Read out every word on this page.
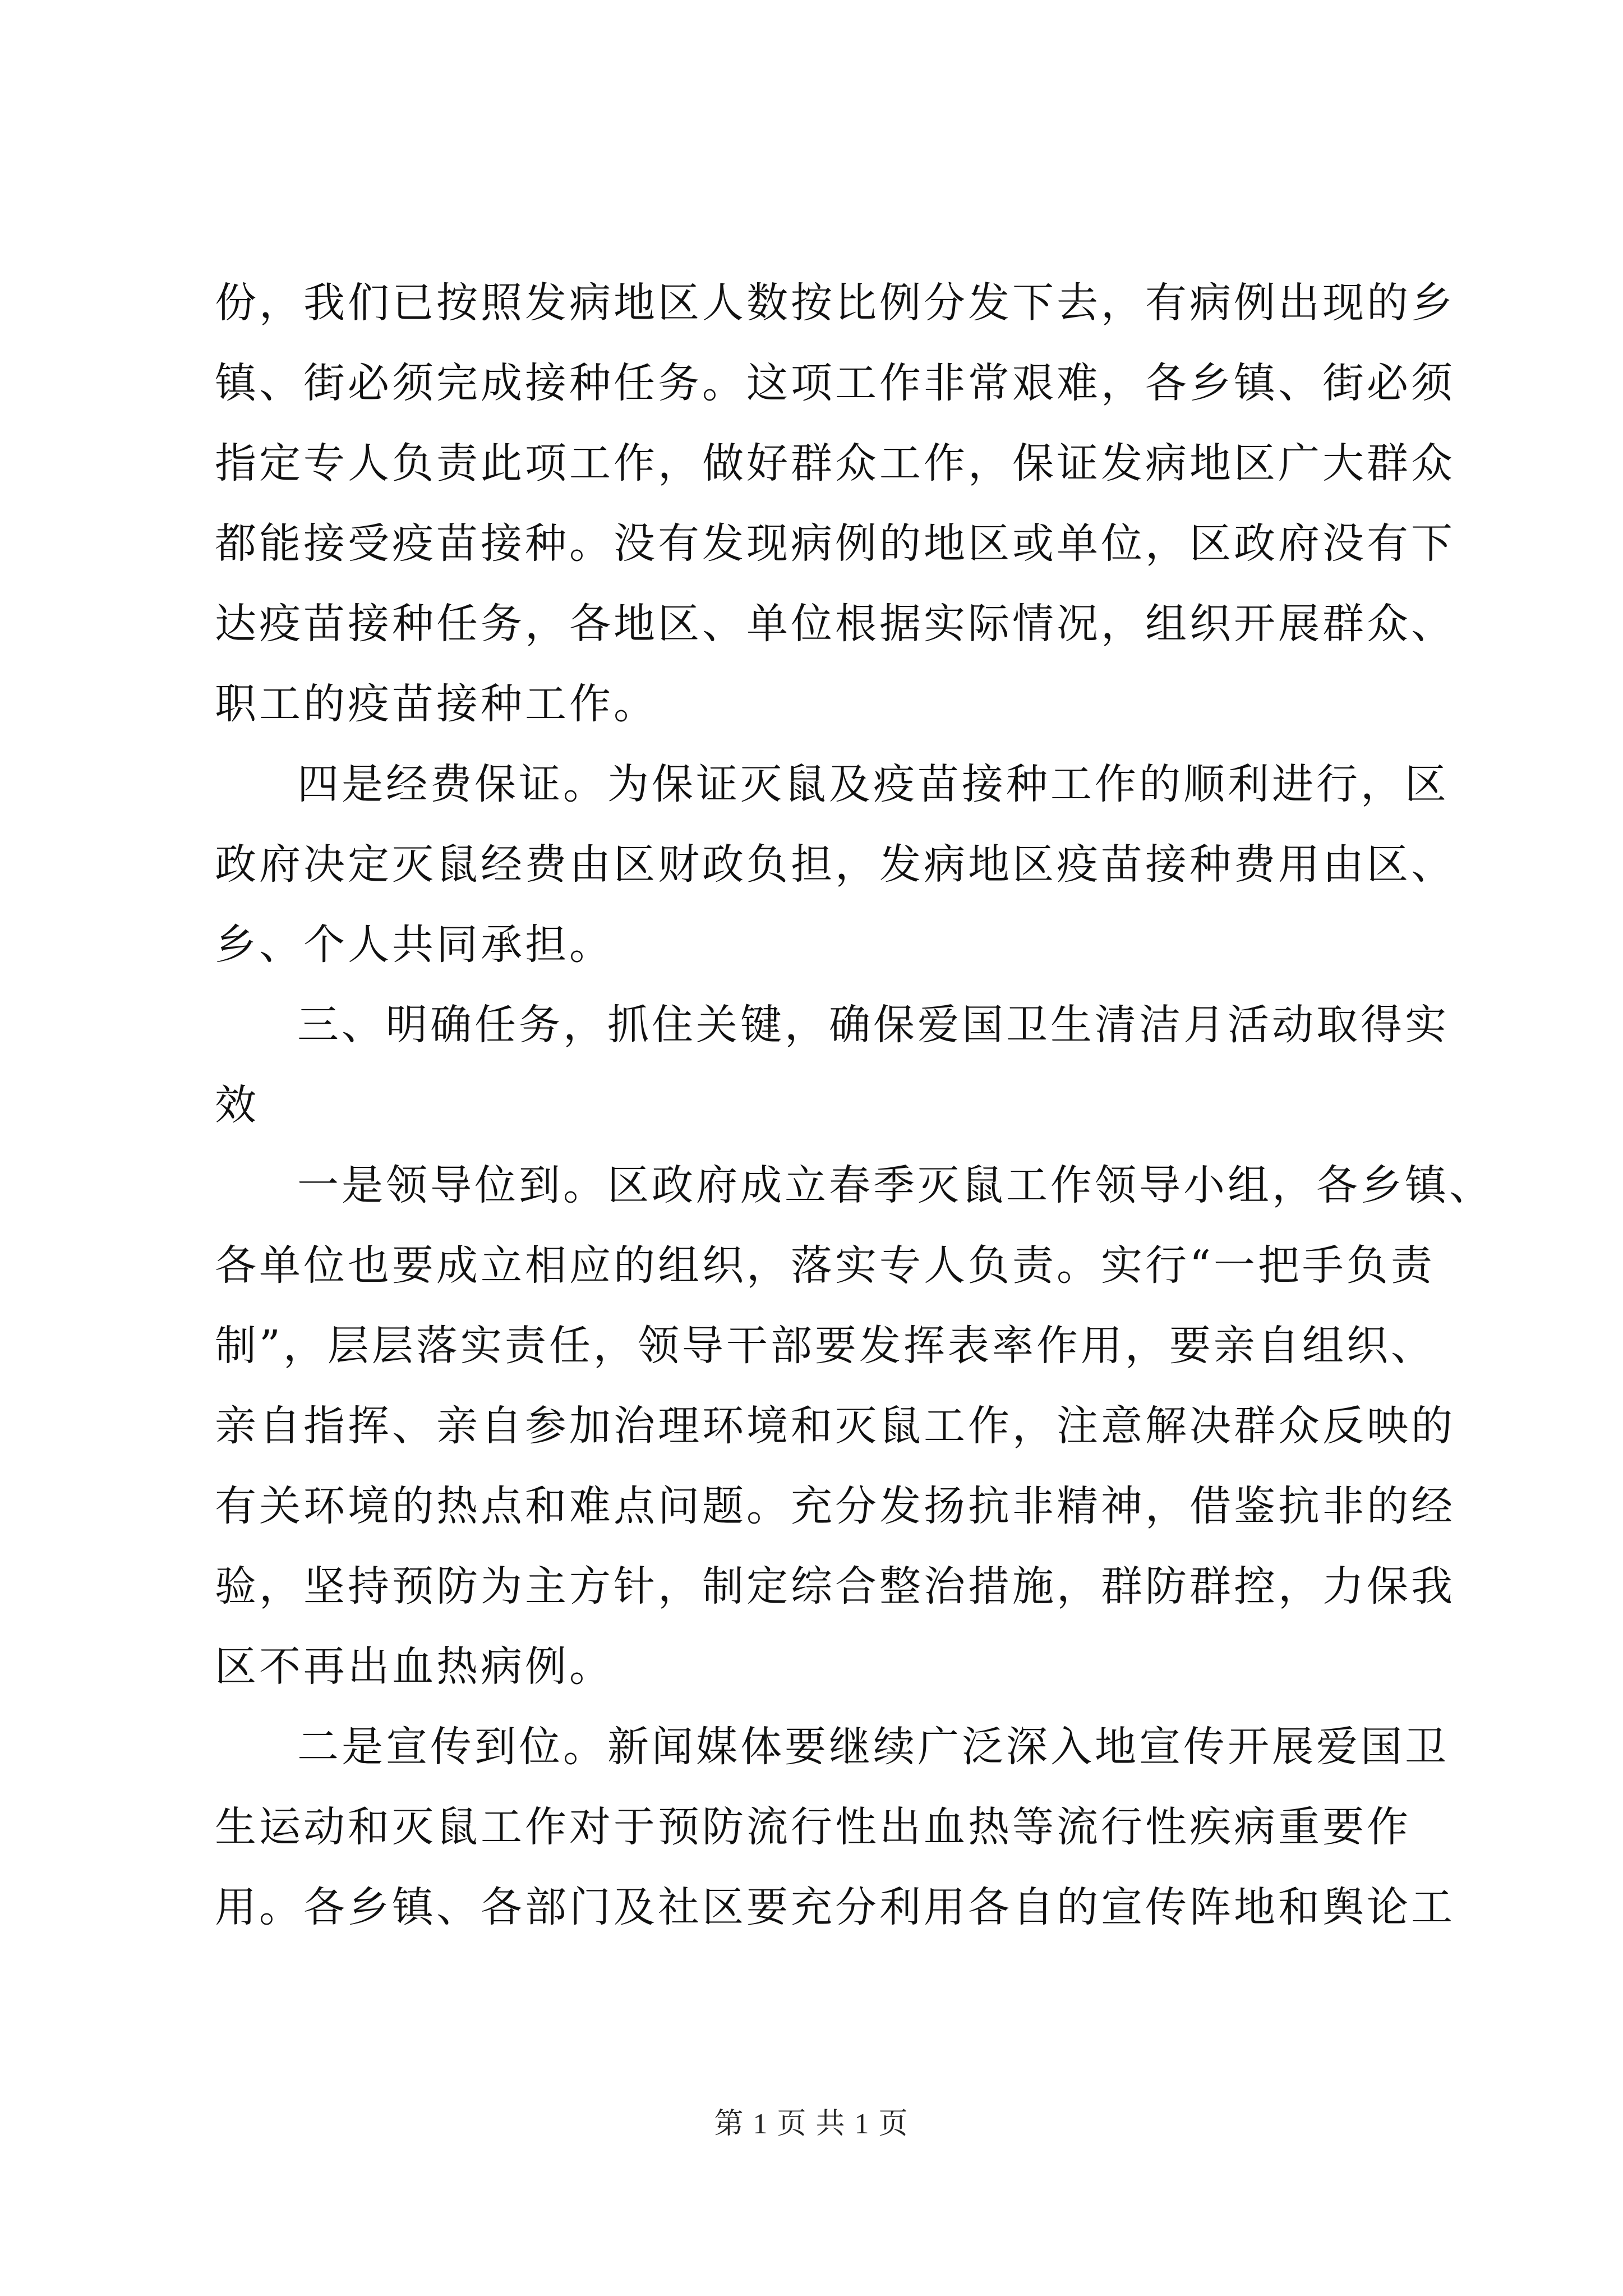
份，我们已按照发病地区人数按比例分发下去，有病例出现的乡
镇、街必须完成接种任务。这项工作非常艰难，各乡镇、街必须
指定专人负责此项工作，做好群众工作，保证发病地区广大群众
都能接受疫苗接种。没有发现病例的地区或单位，区政府没有下
达疫苗接种任务，各地区、单位根据实际情况，组织开展群众、
职工的疫苗接种工作。
四是经费保证。为保证灭鼠及疫苗接种工作的顺利进行，区
政府决定灭鼠经费由区财政负担，发病地区疫苗接种费用由区、
乡、个人共同承担。
三、明确任务，抓住关键，确保爱国卫生清洁月活动取得实
效
一是领导位到。区政府成立春季灭鼠工作领导小组，各乡镇、
各单位也要成立相应的组织，落实专人负责。实行“一把手负责
制”，层层落实责任，领导干部要发挥表率作用，要亲自组织、
亲自指挥、亲自参加治理环境和灭鼠工作，注意解决群众反映的
有关环境的热点和难点问题。充分发扬抗非精神，借鉴抗非的经
验，坚持预防为主方针，制定综合整治措施，群防群控，力保我
区不再出血热病例。
二是宣传到位。新闻媒体要继续广泛深入地宣传开展爱国卫
生运动和灭鼠工作对于预防流行性出血热等流行性疾病重要作
用。各乡镇、各部门及社区要充分利用各自的宣传阵地和舆论工
第 1 页 共 1 页
